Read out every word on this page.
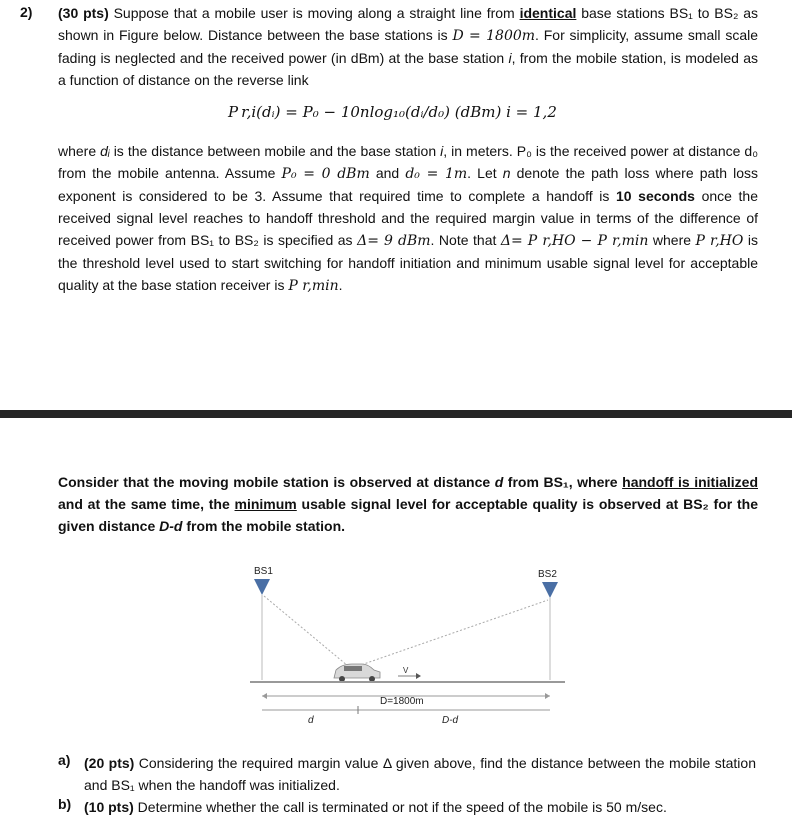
2) (30 pts) Suppose that a mobile user is moving along a straight line from identical base stations BS₁ to BS₂ as shown in Figure below. Distance between the base stations is D = 1800m. For simplicity, assume small scale fading is neglected and the received power (in dBm) at the base station i, from the mobile station, is modeled as a function of distance on the reverse link
P r,i(dᵢ) = P₀ − 10nlog₁₀(dᵢ/d₀) (dBm) i = 1,2
where dᵢ is the distance between mobile and the base station i, in meters. P₀ is the received power at distance d₀ from the mobile antenna. Assume P₀ = 0 dBm and d₀ = 1m. Let n denote the path loss where path loss exponent is considered to be 3. Assume that required time to complete a handoff is 10 seconds once the received signal level reaches to handoff threshold and the required margin value in terms of the difference of received power from BS₁ to BS₂ is specified as Δ= 9 dBm. Note that Δ= P r,HO − P r,min where P r,HO is the threshold level used to start switching for handoff initiation and minimum usable signal level for acceptable quality at the base station receiver is P r,min.
Consider that the moving mobile station is observed at distance d from BS₁, where handoff is initialized and at the same time, the minimum usable signal level for acceptable quality is observed at BS₂ for the given distance D-d from the mobile station.
BS1	BS2
V
D=1800m
d	D-d
a) (20 pts) Considering the required margin value Δ given above, find the distance between the mobile station and BS₁ when the handoff was initialized.
b) (10 pts) Determine whether the call is terminated or not if the speed of the mobile is 50 m/sec.
